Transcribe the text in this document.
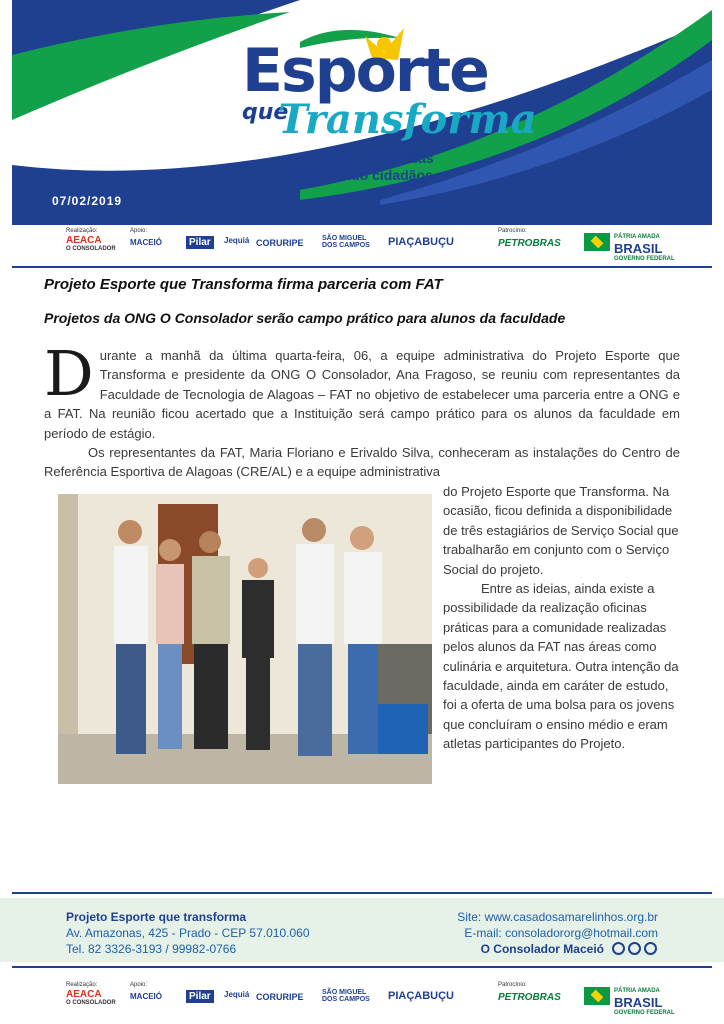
Esporte
que
Transforma
Transformando vidas
e formando cidadãos.
07/02/2019
Realização:	Apoio:	Patrocínio:
AEACA
O CONSOLADOR
MACEIÓ	Pilar	Jequiá CORURIPE	SÃO MIGUEL DOS CAMPOS	PIAÇABUÇU	PETROBRAS
PÁTRIA AMADA
BRASIL
GOVERNO FEDERAL
Projeto Esporte que Transforma firma parceria com FAT
Projetos da ONG O Consolador serão campo prático para alunos da faculdade
Durante a manhã da última quarta-feira, 06, a equipe administrativa do Projeto Esporte que Transforma e presidente da ONG O Consolador, Ana Fragoso, se reuniu com representantes da Faculdade de Tecnologia de Alagoas – FAT no objetivo de estabelecer uma parceria entre a ONG e a FAT. Na reunião ficou acertado que a Instituição será campo prático para os alunos da faculdade em período de estágio.
Os representantes da FAT, Maria Floriano e Erivaldo Silva, conheceram as instalações do Centro de Referência Esportiva de Alagoas (CRE/AL) e a equipe administrativa
do Projeto Esporte que Transforma. Na ocasião, ficou definida a disponibilidade de três estagiários de Serviço Social que trabalharão em conjunto com o Serviço Social do projeto.
Entre as ideias, ainda existe a possibilidade da realização oficinas práticas para a comunidade realizadas pelos alunos da FAT nas áreas como culinária e arquitetura. Outra intenção da faculdade, ainda em caráter de estudo, foi a oferta de uma bolsa para os jovens que concluíram o ensino médio e eram atletas participantes do Projeto.
Projeto Esporte que transforma
Av. Amazonas, 425 - Prado - CEP 57.010.060
Tel. 82 3326-3193 / 99982-0766
Site: www.casadosamarelinhos.org.br
E-mail: consoladororg@hotmail.com
O Consolador Maceió
Realização:	Apoio:	Patrocínio:
AEACA
O CONSOLADOR
MACEIÓ	Pilar	Jequiá CORURIPE	SÃO MIGUEL DOS CAMPOS	PIAÇABUÇU	PETROBRAS
PÁTRIA AMADA
BRASIL
GOVERNO FEDERAL
